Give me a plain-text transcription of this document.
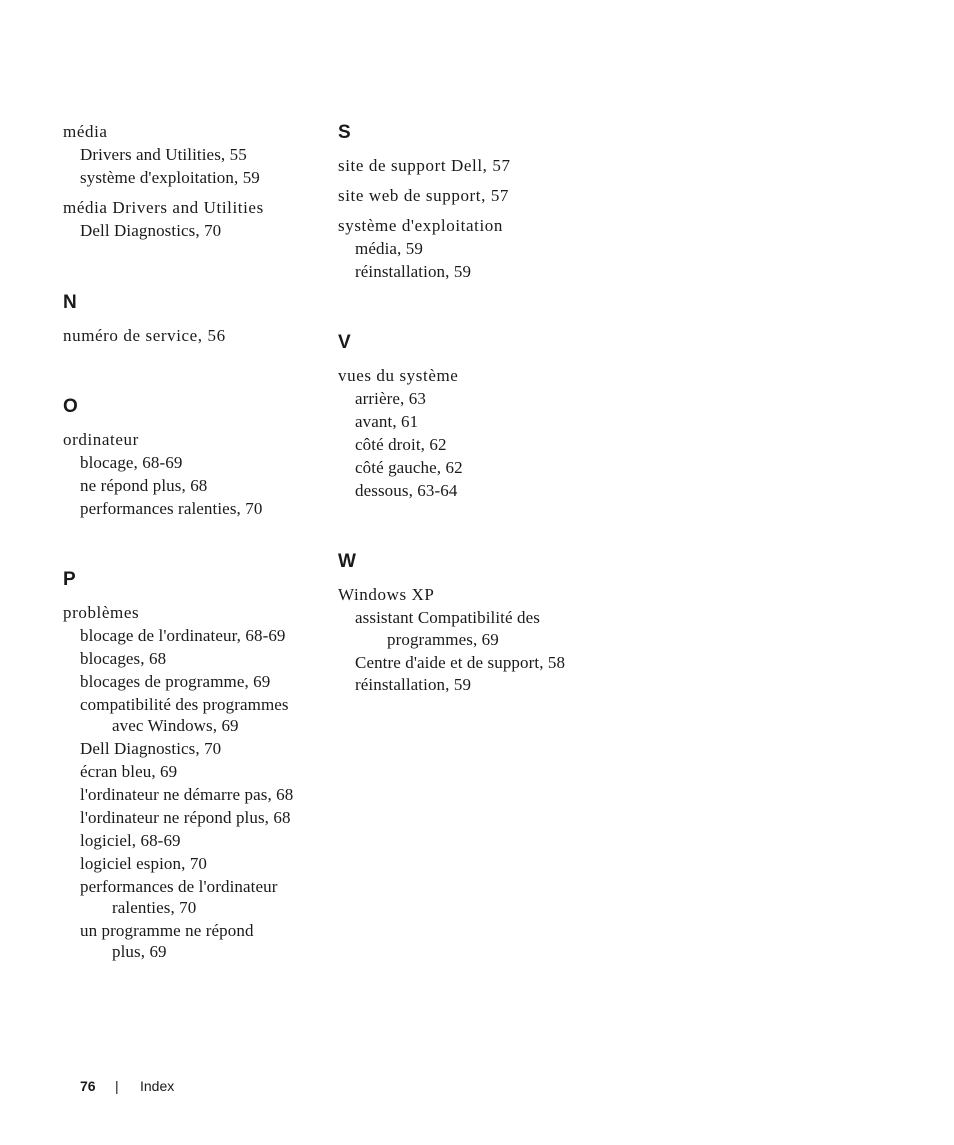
média

Drivers and Utilities, 55

système d'exploitation, 59

média Drivers and Utilities

Dell Diagnostics, 70

N

numéro de service, 56

O

ordinateur

blocage, 68-69

ne répond plus, 68

performances ralenties, 70

P

problèmes

blocage de l'ordinateur, 68-69

blocages, 68

blocages de programme, 69

compatibilité des programmes

avec Windows, 69

Dell Diagnostics, 70

écran bleu, 69

l'ordinateur ne démarre pas, 68

l'ordinateur ne répond plus, 68

logiciel, 68-69

logiciel espion, 70

performances de l'ordinateur

ralenties, 70

un programme ne répond

plus, 69

S

site de support Dell, 57

site web de support, 57

système d'exploitation

média, 59

réinstallation, 59

V

vues du système

arrière, 63

avant, 61

côté droit, 62

côté gauche, 62

dessous, 63-64

W

Windows XP

assistant Compatibilité des

programmes, 69

Centre d'aide et de support, 58

réinstallation, 59

76 | Index
